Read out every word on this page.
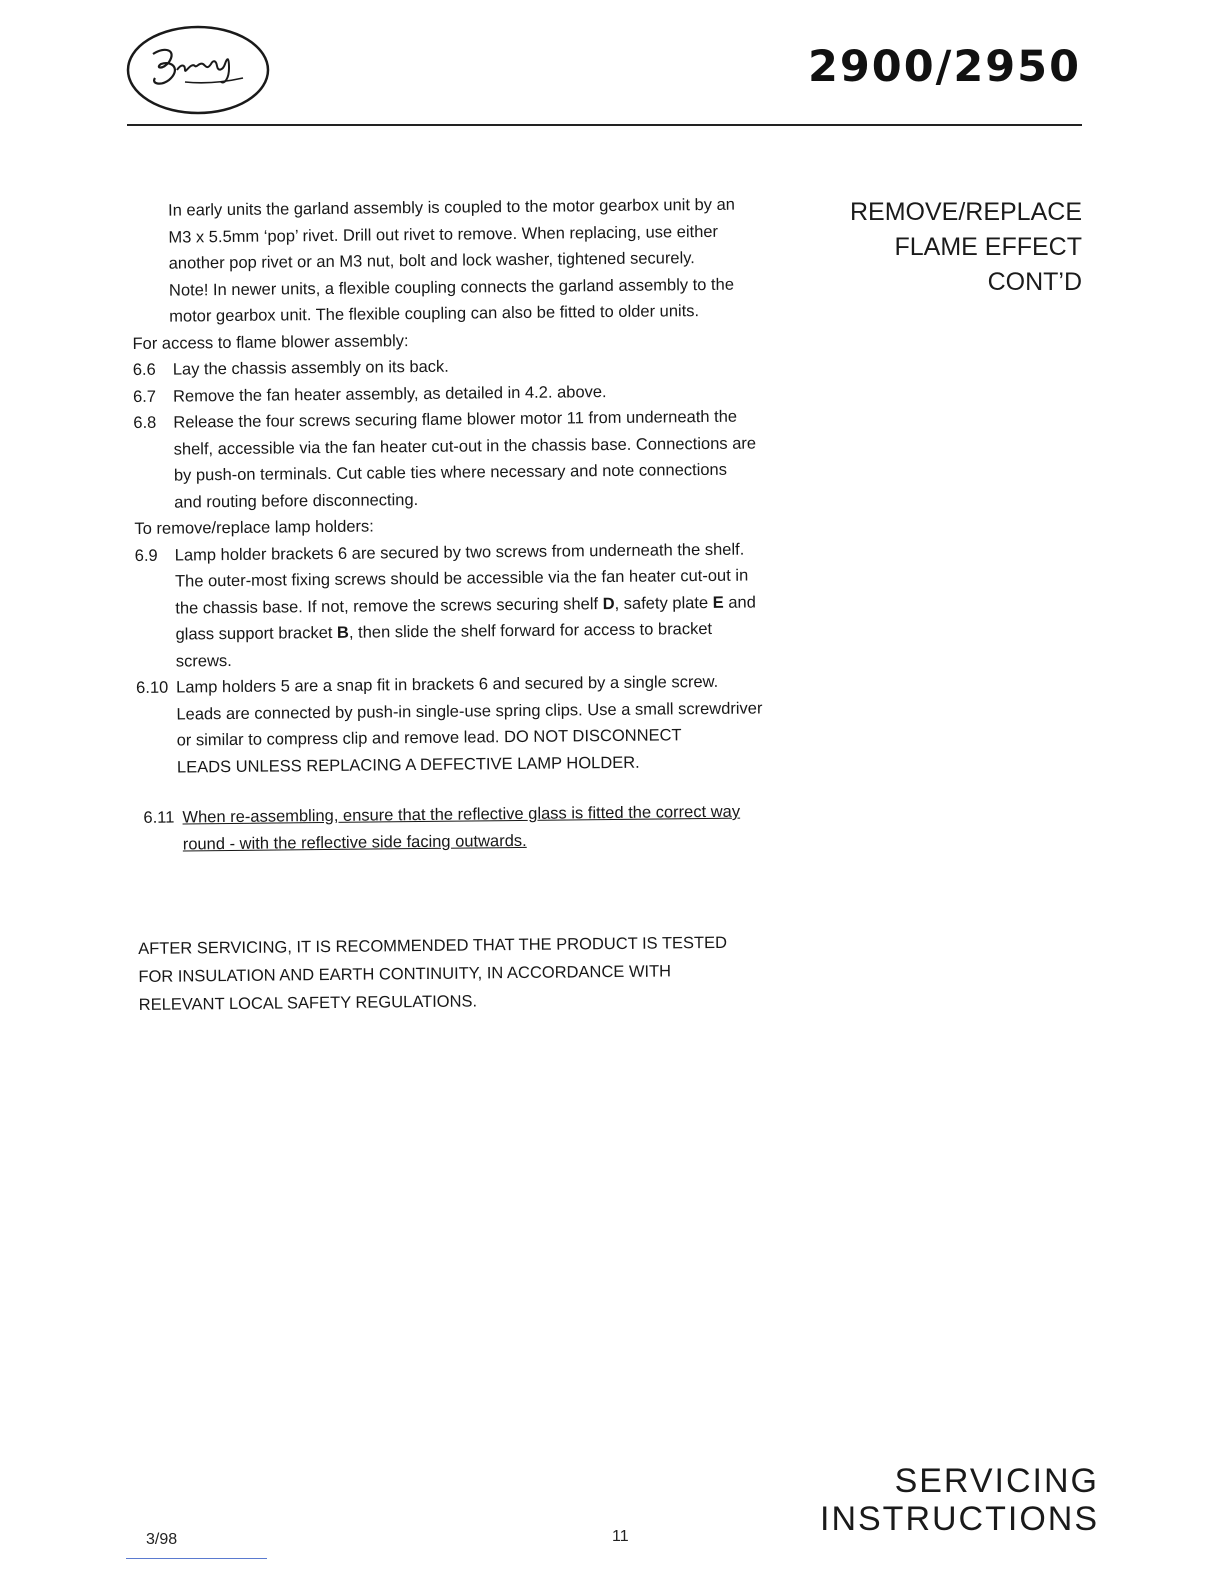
2900/2950
REMOVE/REPLACE
FLAME EFFECT
CONT’D
In early units the garland assembly is coupled to the motor gearbox unit by an
M3 x 5.5mm ‘pop’ rivet. Drill out rivet to remove. When replacing, use either
another pop rivet or an M3 nut, bolt and lock washer, tightened securely.
Note! In newer units, a flexible coupling connects the garland assembly to the
motor gearbox unit. The flexible coupling can also be fitted to older units.
For access to flame blower assembly:
6.6 Lay the chassis assembly on its back.
6.7 Remove the fan heater assembly, as detailed in 4.2. above.
6.8 Release the four screws securing flame blower motor 11 from underneath the
shelf, accessible via the fan heater cut-out in the chassis base. Connections are
by push-on terminals. Cut cable ties where necessary and note connections
and routing before disconnecting.
To remove/replace lamp holders:
6.9 Lamp holder brackets 6 are secured by two screws from underneath the shelf.
The outer-most fixing screws should be accessible via the fan heater cut-out in
the chassis base. If not, remove the screws securing shelf D, safety plate E and
glass support bracket B, then slide the shelf forward for access to bracket
screws.
6.10 Lamp holders 5 are a snap fit in brackets 6 and secured by a single screw.
Leads are connected by push-in single-use spring clips. Use a small screwdriver
or similar to compress clip and remove lead. DO NOT DISCONNECT
LEADS UNLESS REPLACING A DEFECTIVE LAMP HOLDER.
6.11 When re-assembling, ensure that the reflective glass is fitted the correct way
round - with the reflective side facing outwards.
AFTER SERVICING, IT IS RECOMMENDED THAT THE PRODUCT IS TESTED
FOR INSULATION AND EARTH CONTINUITY, IN ACCORDANCE WITH
RELEVANT LOCAL SAFETY REGULATIONS.
SERVICING
INSTRUCTIONS
3/98	11
